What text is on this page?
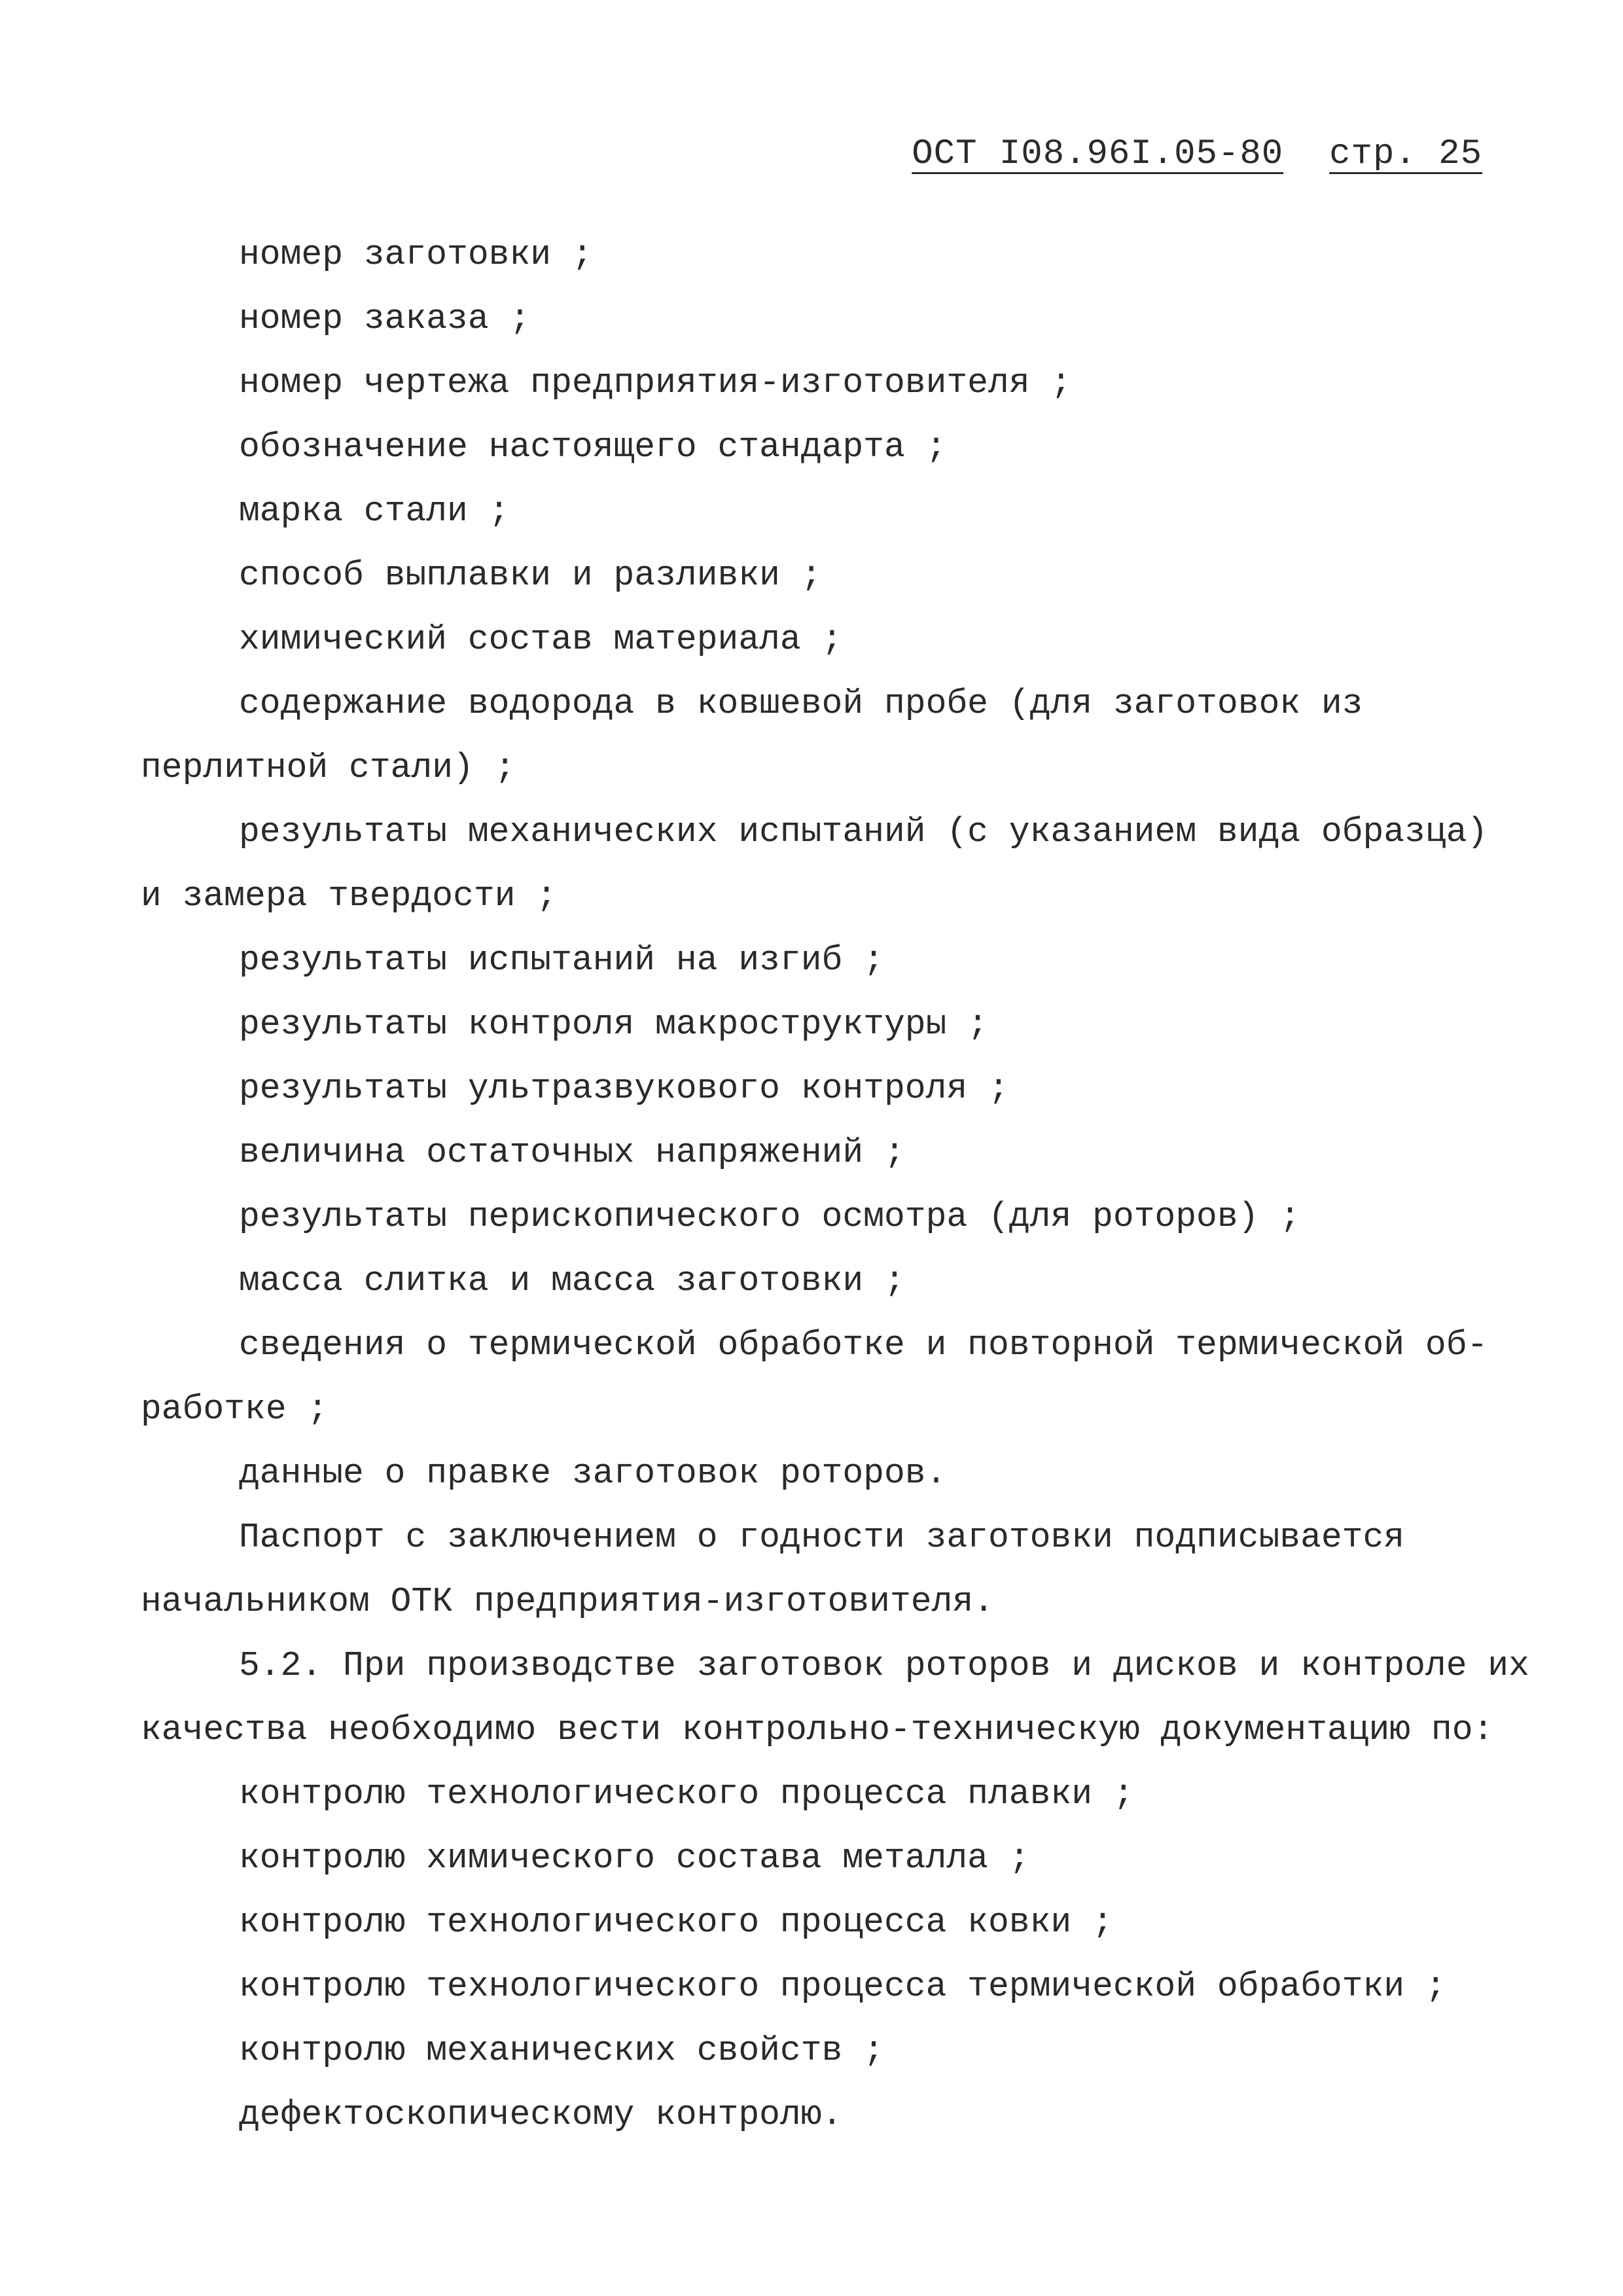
ОСТ I08.96I.05-80 стр. 25
номер заготовки ;
номер заказа ;
номер чертежа предприятия-изготовителя ;
обозначение настоящего стандарта ;
марка стали ;
способ выплавки и разливки ;
химический состав материала ;
содержание водорода в ковшевой пробе (для заготовок из
перлитной стали) ;
результаты механических испытаний (с указанием вида образца)
и замера твердости ;
результаты испытаний на изгиб ;
результаты контроля макроструктуры ;
результаты ультразвукового контроля ;
величина остаточных напряжений ;
результаты перископического осмотра (для роторов) ;
масса слитка и масса заготовки ;
сведения о термической обработке и повторной термической об-
работке ;
данные о правке заготовок роторов.
Паспорт с заключением о годности заготовки подписывается
начальником ОТК предприятия-изготовителя.
5.2. При производстве заготовок роторов и дисков и контроле их
качества необходимо вести контрольно-техническую документацию по:
контролю технологического процесса плавки ;
контролю химического состава металла ;
контролю технологического процесса ковки ;
контролю технологического процесса термической обработки ;
контролю механических свойств ;
дефектоскопическому контролю.
